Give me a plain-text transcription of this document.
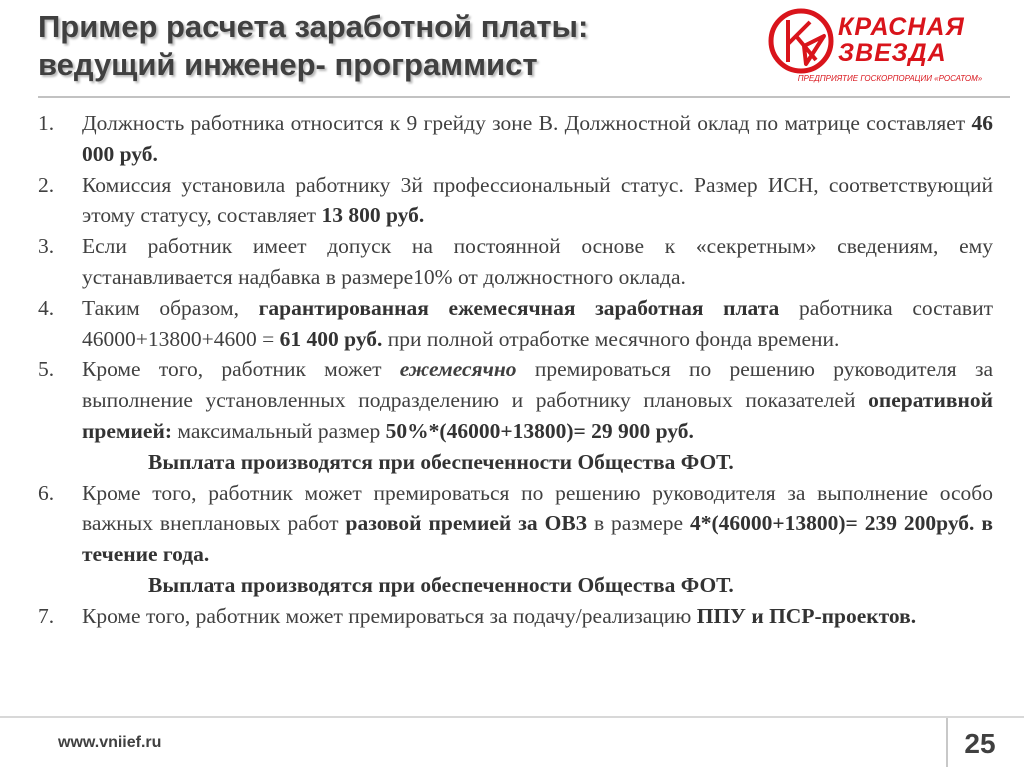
Пример расчета заработной платы:
ведущий инженер- программист
КРАСНАЯ
ЗВЕЗДА
ПРЕДПРИЯТИЕ ГОСКОРПОРАЦИИ «РОСАТОМ»
1.	Должность работника относится к 9 грейду зоне В. Должностной оклад по матрице составляет 46 000 руб.
2.	Комиссия установила работнику 3й профессиональный статус. Размер ИСН, соответствующий этому статусу, составляет 13 800 руб.
3.	Если работник имеет допуск на постоянной основе к «секретным» сведениям, ему устанавливается надбавка в размере10% от должностного оклада.
4.	Таким образом, гарантированная ежемесячная заработная плата работника составит 46000+13800+4600 = 61 400 руб. при полной отработке месячного фонда времени.
5.	Кроме того, работник может ежемесячно премироваться по решению руководителя за выполнение установленных подразделению и работнику плановых показателей оперативной премией: максимальный размер 50%*(46000+13800)= 29 900 руб.
Выплата производятся при обеспеченности Общества ФОТ.
6.	Кроме того, работник может премироваться по решению руководителя за выполнение особо важных внеплановых работ разовой премией за ОВЗ в размере 4*(46000+13800)= 239 200руб. в течение года.
Выплата производятся при обеспеченности Общества ФОТ.
7.	Кроме того, работник может премироваться за подачу/реализацию ППУ и ПСР-проектов.
www.vniief.ru	25
